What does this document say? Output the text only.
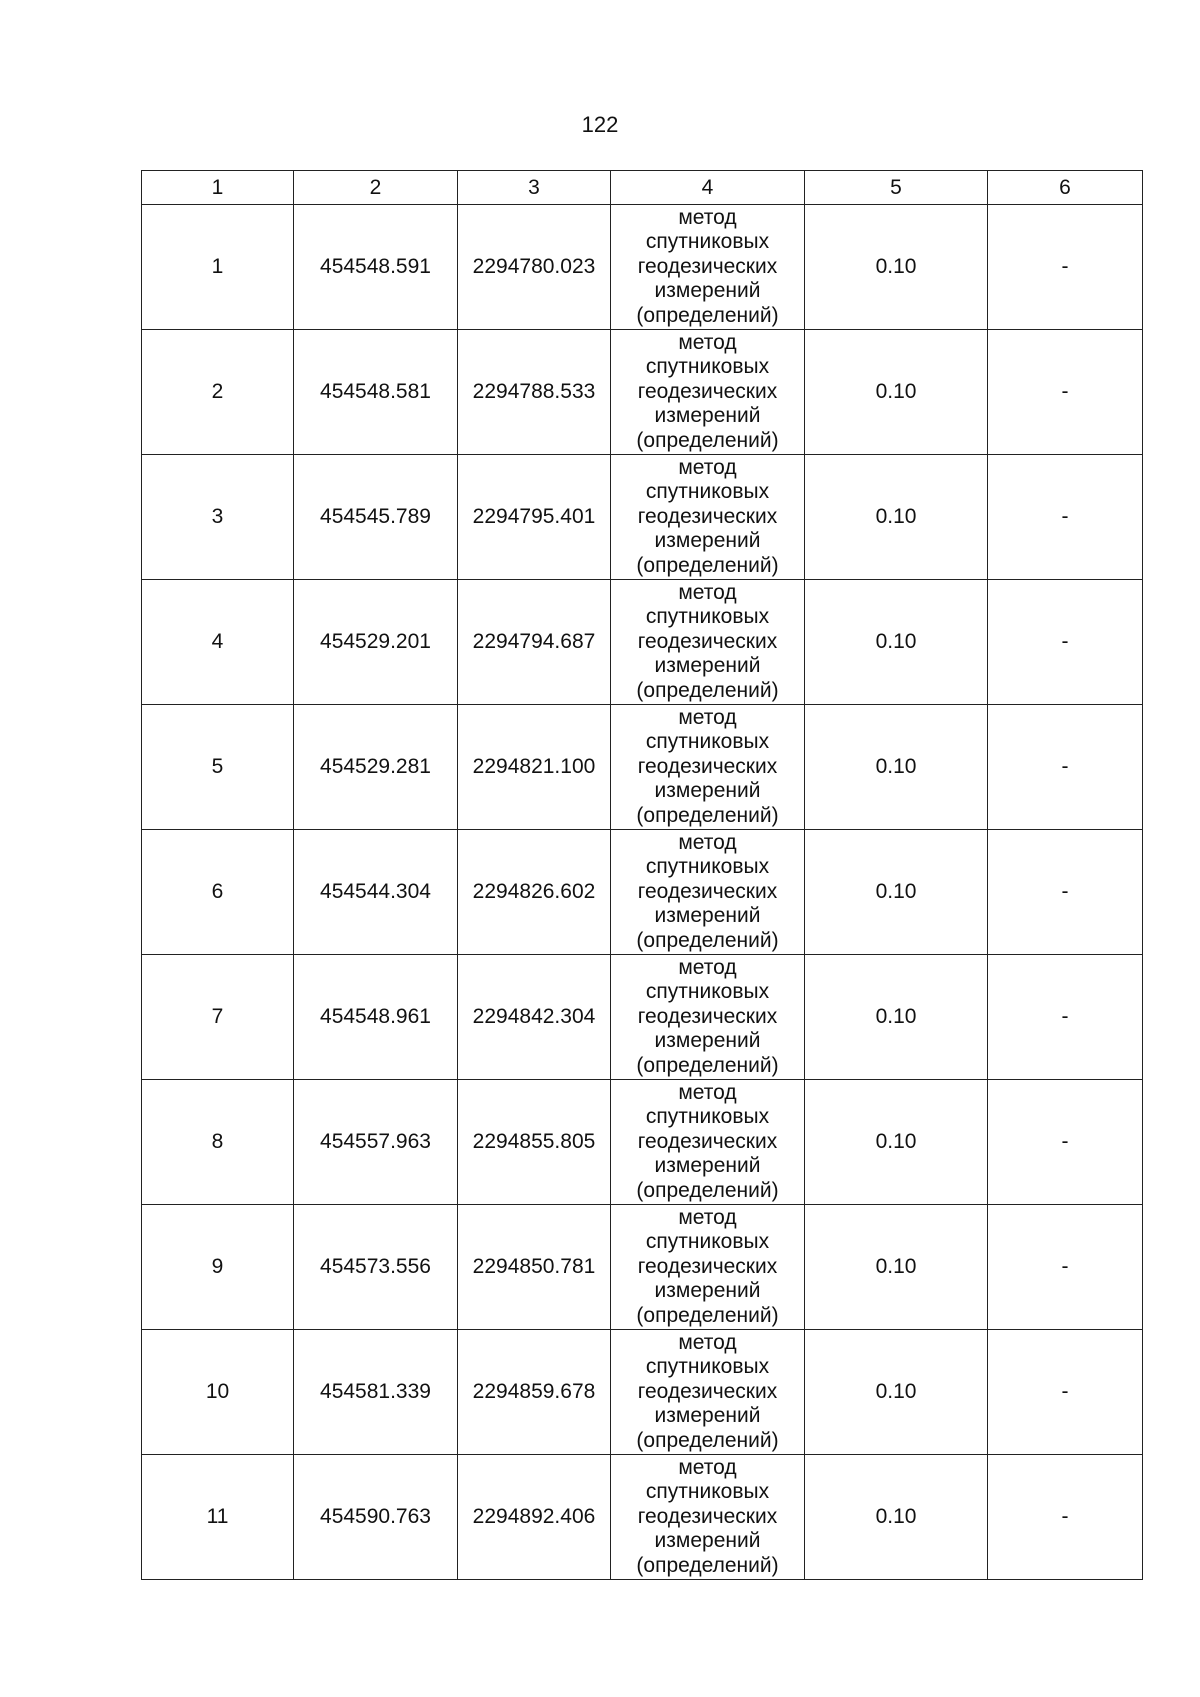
122
1	2	3	4	5	6
1	454548.591	2294780.023	метод
спутниковых
геодезических
измерений
(определений)	0.10	-
2	454548.581	2294788.533	метод
спутниковых
геодезических
измерений
(определений)	0.10	-
3	454545.789	2294795.401	метод
спутниковых
геодезических
измерений
(определений)	0.10	-
4	454529.201	2294794.687	метод
спутниковых
геодезических
измерений
(определений)	0.10	-
5	454529.281	2294821.100	метод
спутниковых
геодезических
измерений
(определений)	0.10	-
6	454544.304	2294826.602	метод
спутниковых
геодезических
измерений
(определений)	0.10	-
7	454548.961	2294842.304	метод
спутниковых
геодезических
измерений
(определений)	0.10	-
8	454557.963	2294855.805	метод
спутниковых
геодезических
измерений
(определений)	0.10	-
9	454573.556	2294850.781	метод
спутниковых
геодезических
измерений
(определений)	0.10	-
10	454581.339	2294859.678	метод
спутниковых
геодезических
измерений
(определений)	0.10	-
11	454590.763	2294892.406	метод
спутниковых
геодезических
измерений
(определений)	0.10	-
